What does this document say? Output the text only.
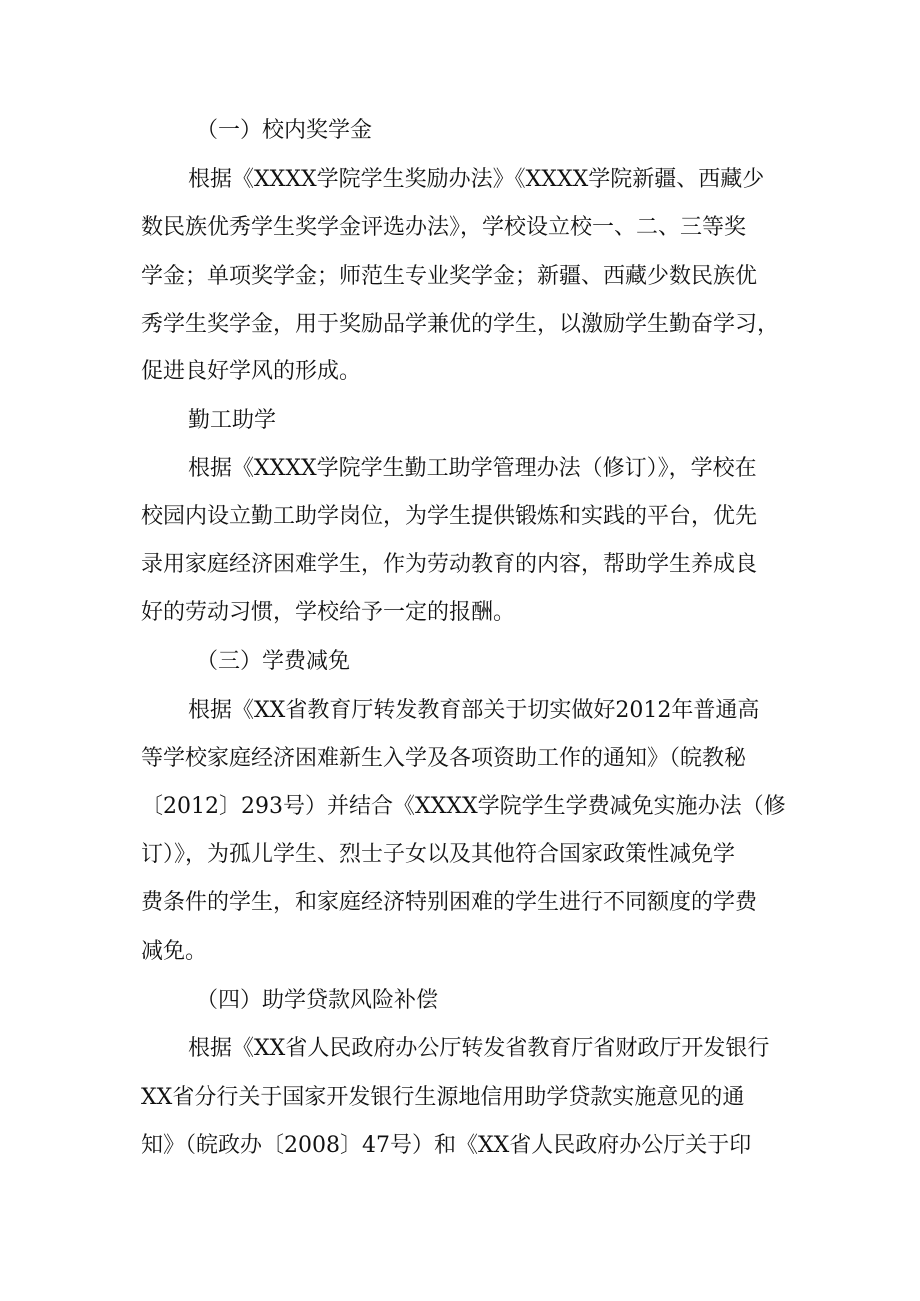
（一）校内奖学金
根据《XXXX学院学生奖励办法》《XXXX学院新疆、西藏少
数民族优秀学生奖学金评选办法》，学校设立校一、二、三等奖
学金；单项奖学金；师范生专业奖学金；新疆、西藏少数民族优
秀学生奖学金，用于奖励品学兼优的学生，以激励学生勤奋学习，
促进良好学风的形成。
勤工助学
根据《XXXX学院学生勤工助学管理办法（修订）》，学校在
校园内设立勤工助学岗位，为学生提供锻炼和实践的平台，优先
录用家庭经济困难学生，作为劳动教育的内容，帮助学生养成良
好的劳动习惯，学校给予一定的报酬。
（三）学费减免
根据《XX省教育厅转发教育部关于切实做好2012年普通高
等学校家庭经济困难新生入学及各项资助工作的通知》（皖教秘
〔2012〕293号）并结合《XXXX学院学生学费减免实施办法（修
订）》，为孤儿学生、烈士子女以及其他符合国家政策性减免学
费条件的学生，和家庭经济特别困难的学生进行不同额度的学费
减免。
（四）助学贷款风险补偿
根据《XX省人民政府办公厅转发省教育厅省财政厅开发银行
XX省分行关于国家开发银行生源地信用助学贷款实施意见的通
知》（皖政办〔2008〕47号）和《XX省人民政府办公厅关于印
